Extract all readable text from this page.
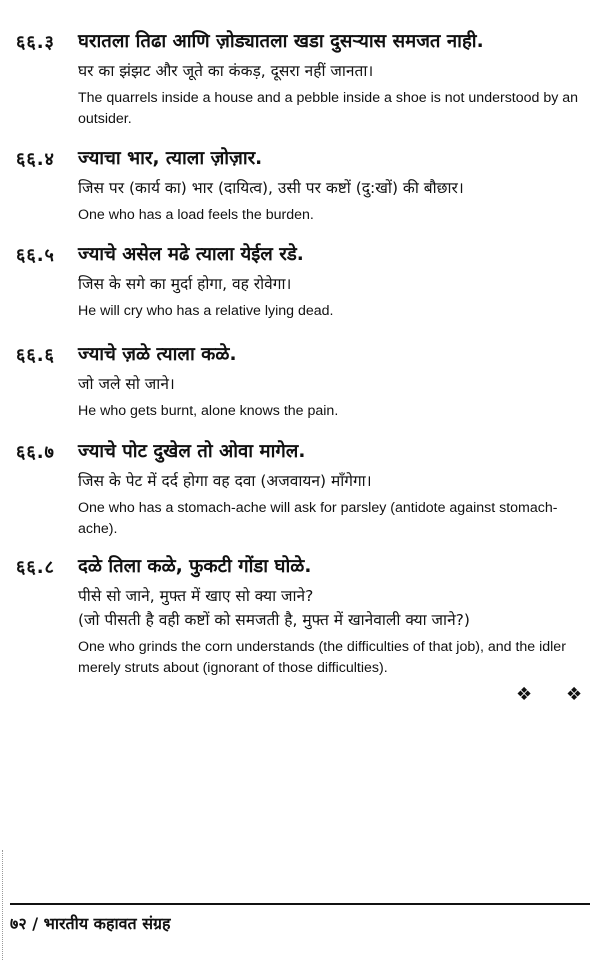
६६.३ घरातला तिढा आणि ज़ोड्यातला खडा दुसऱ्यास समजत नाही.

घर का झंझट और जूते का कंकड़, दूसरा नहीं जानता।

The quarrels inside a house and a pebble inside a shoe is not understood by an outsider.

६६.४ ज्याचा भार, त्याला ज़ोज़ार.

जिस पर (कार्य का) भार (दायित्व), उसी पर कष्टों (दु:खों) की बौछार।

One who has a load feels the burden.

६६.५ ज्याचे असेल मढे त्याला येईल रडे.

जिस के सगे का मुर्दा होगा, वह रोवेगा।

He will cry who has a relative lying dead.

६६.६ ज्याचे ज़ळे त्याला कळे.

जो जले सो जाने।

He who gets burnt, alone knows the pain.

६६.७ ज्याचे पोट दुखेल तो ओवा मागेल.

जिस के पेट में दर्द होगा वह दवा (अजवायन) माँगेगा।

One who has a stomach-ache will ask for parsley (antidote against stomach-ache).

६६.८ दळे तिला कळे, फुकटी गोंडा घोळे.

पीसे सो जाने, मुफ्त में खाए सो क्या जाने?

(जो पीसती है वही कष्टों को समजती है, मुफ्त में खानेवाली क्या जाने?)

One who grinds the corn understands (the difficulties of that job), and the idler merely struts about (ignorant of those difficulties).

❖ ❖
७२ / भारतीय कहावत संग्रह
